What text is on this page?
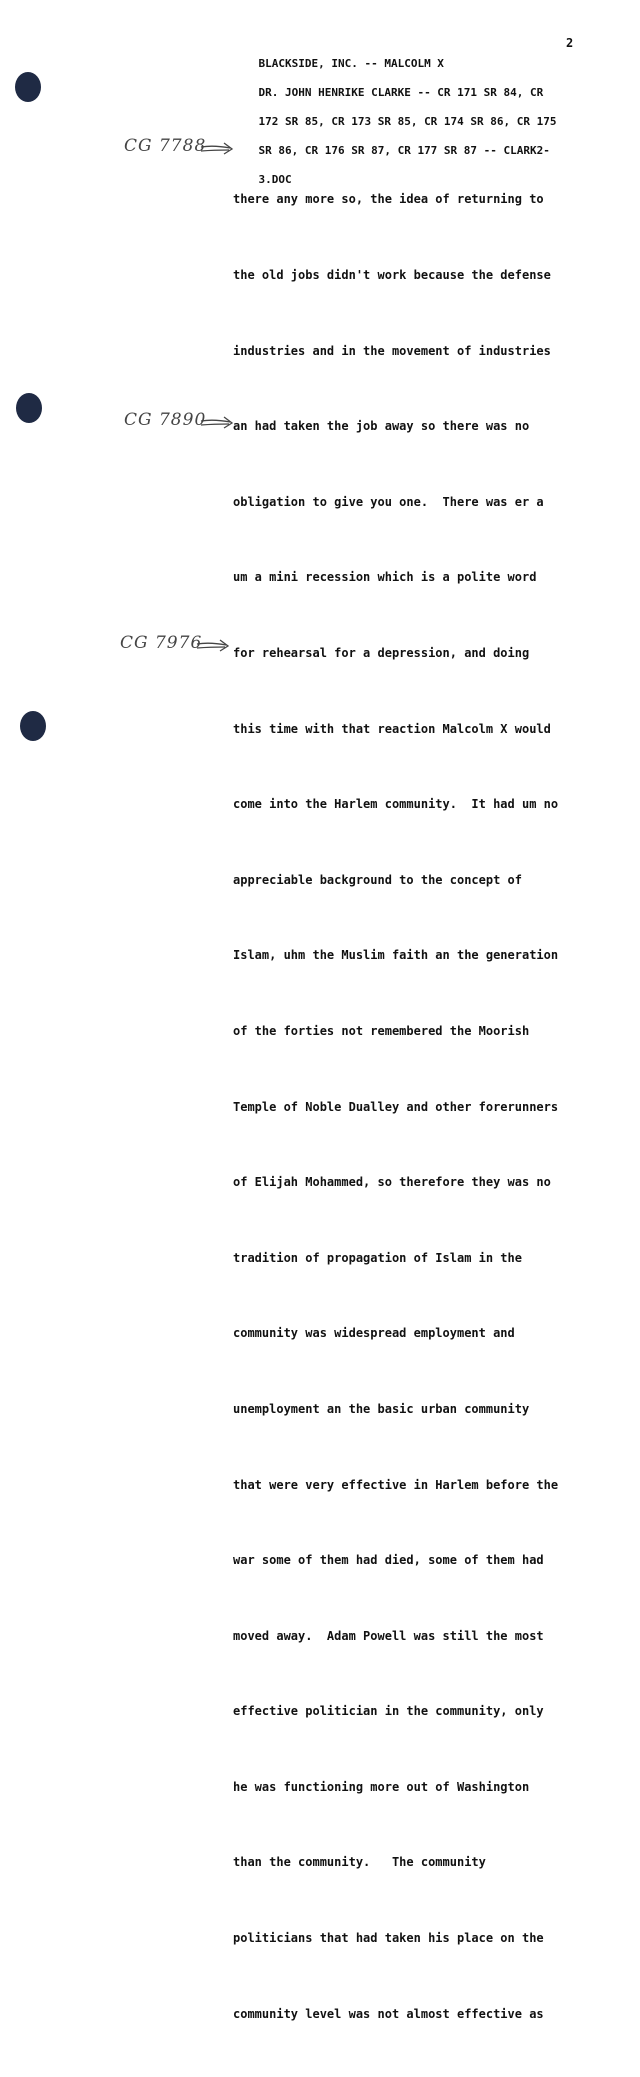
BLACKSIDE, INC. -- MALCOLM X

DR. JOHN HENRIKE CLARKE -- CR 171 SR 84, CR

172 SR 85, CR 173 SR 85, CR 174 SR 86, CR 175

SR 86, CR 176 SR 87, CR 177 SR 87 -- CLARK2-

3.DOC

2
CG 7788
CG 7890
CG 7976

there any more so, the idea of returning to

the old jobs didn't work because the defense

industries and in the movement of industries

an had taken the job away so there was no

obligation to give you one.  There was er a

um a mini recession which is a polite word

for rehearsal for a depression, and doing

this time with that reaction Malcolm X would

come into the Harlem community.  It had um no

appreciable background to the concept of

Islam, uhm the Muslim faith an the generation

of the forties not remembered the Moorish

Temple of Noble Dualley and other forerunners

of Elijah Mohammed, so therefore they was no

tradition of propagation of Islam in the

community was widespread employment and

unemployment an the basic urban community

that were very effective in Harlem before the

war some of them had died, some of them had

moved away.  Adam Powell was still the most

effective politician in the community, only

he was functioning more out of Washington

than the community.   The community

politicians that had taken his place on the

community level was not almost effective as
